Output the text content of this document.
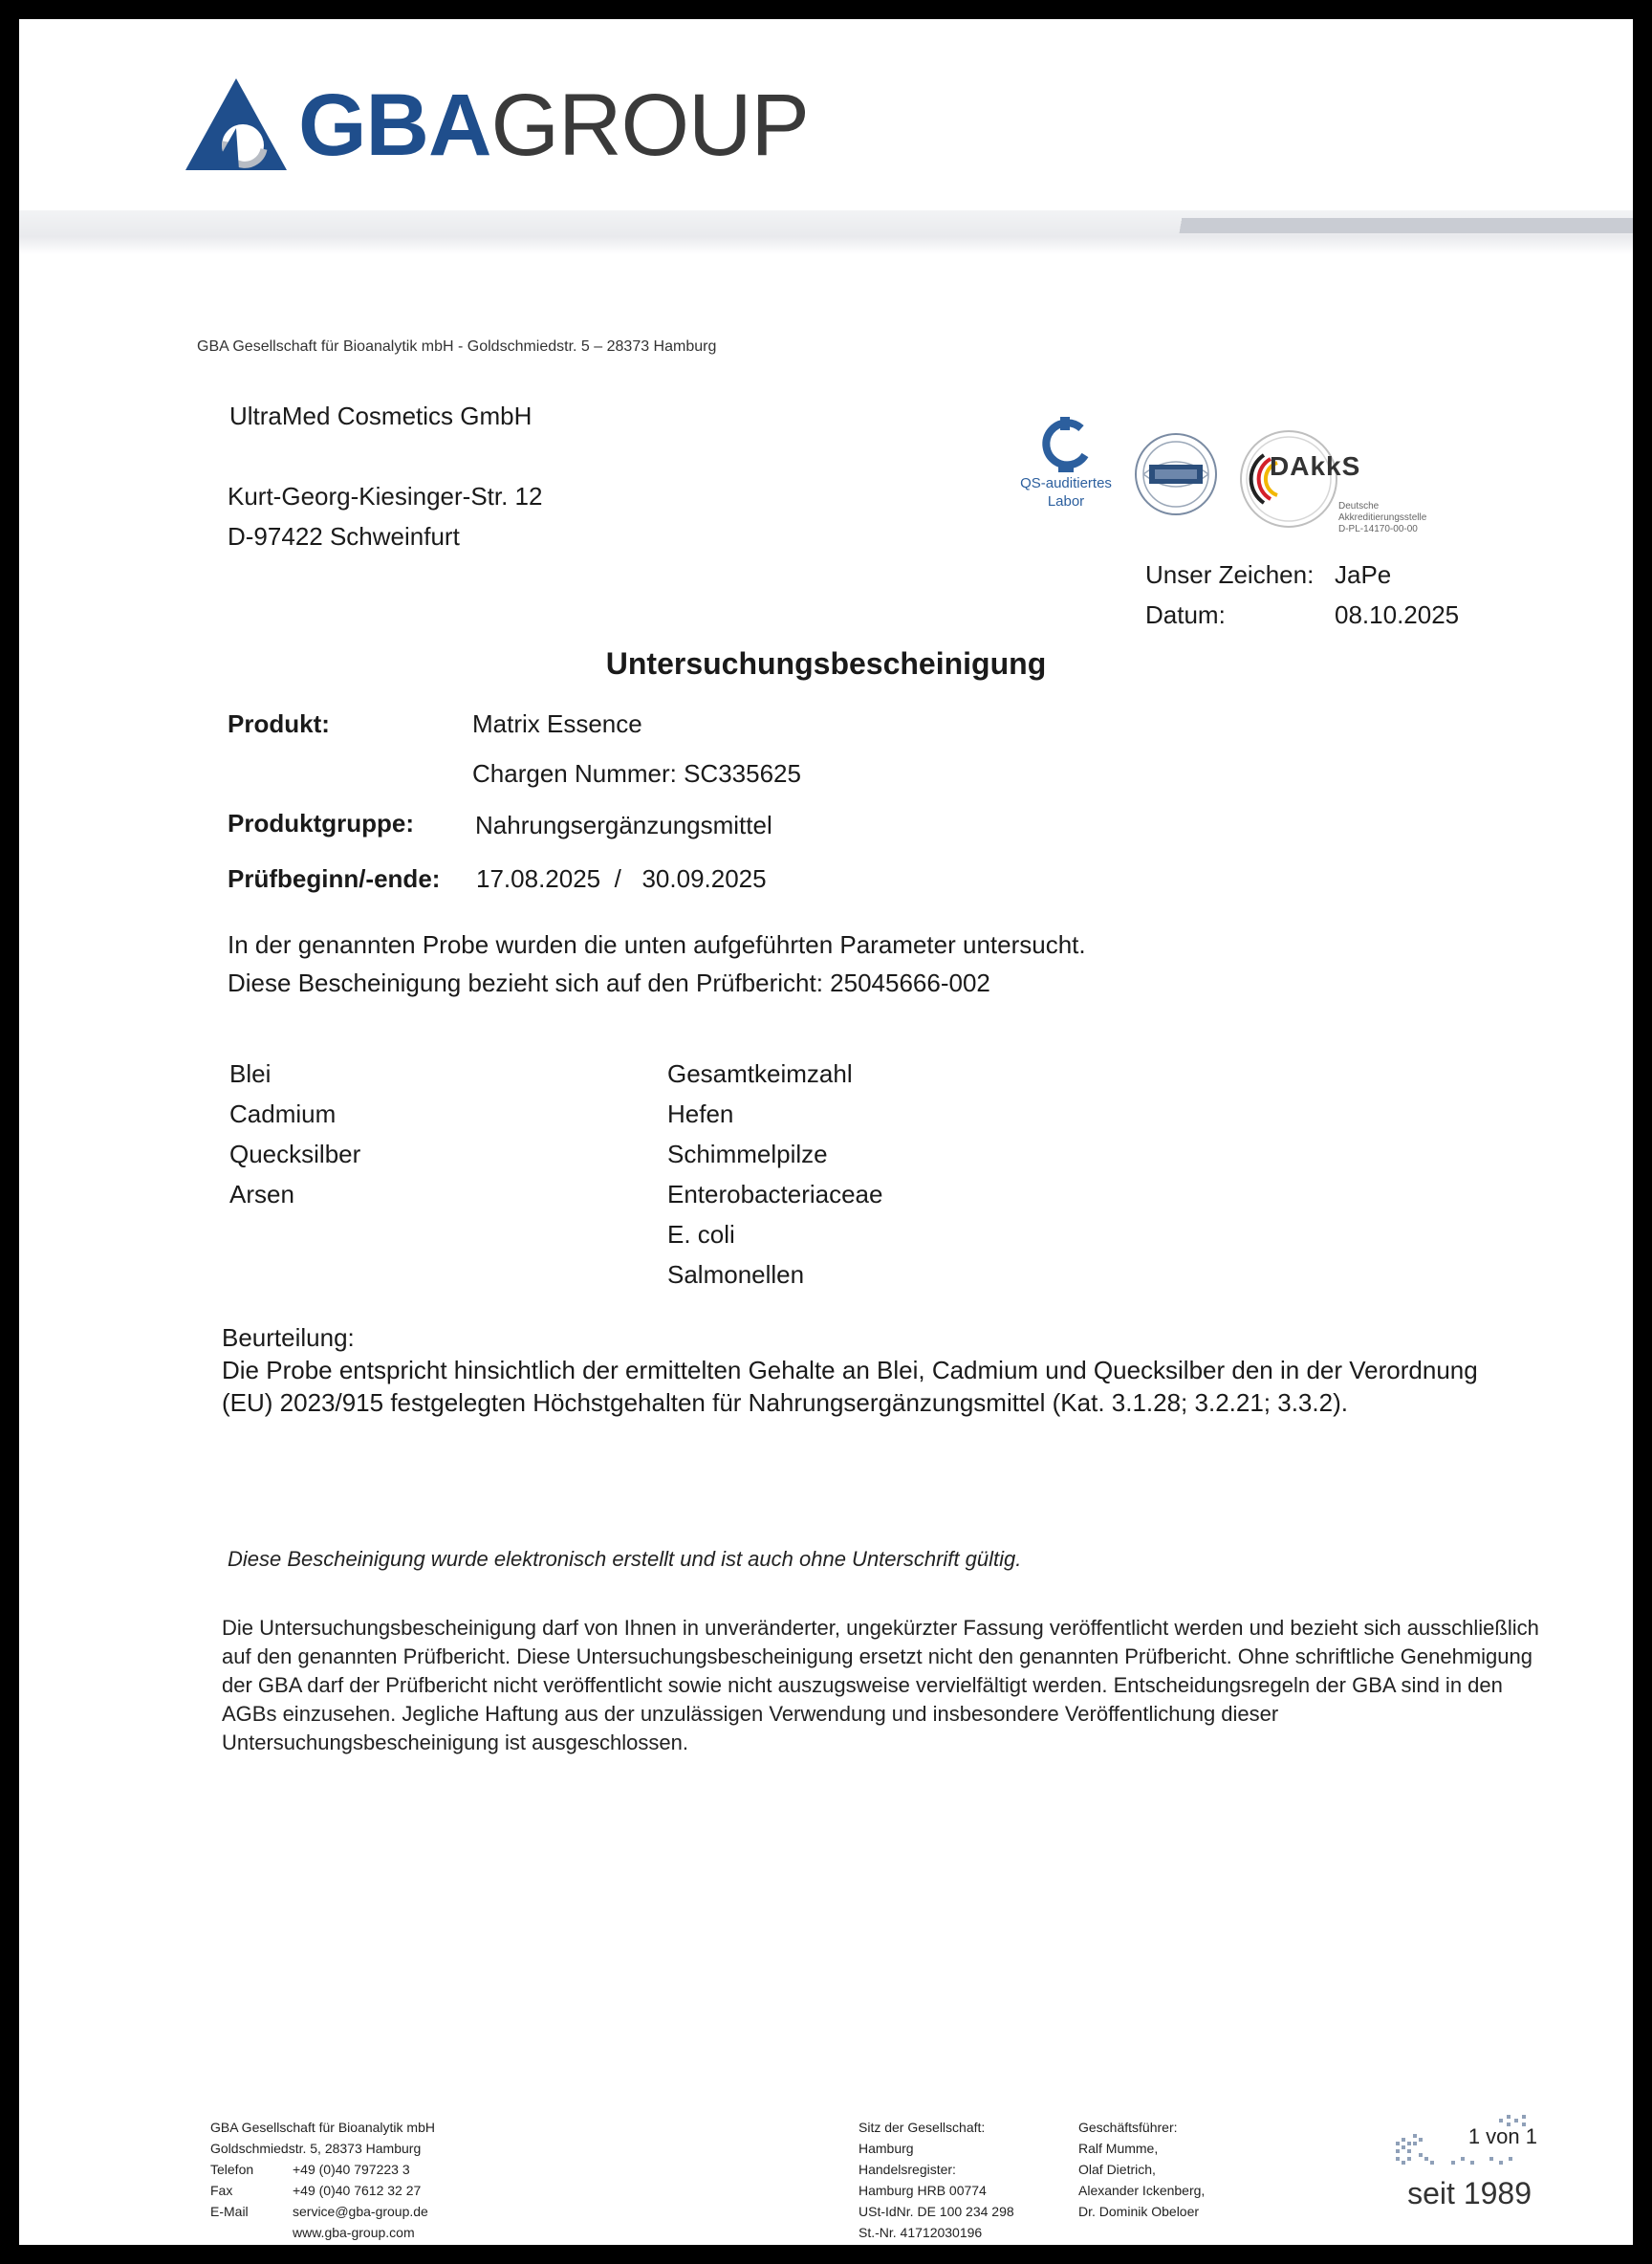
GBAGROUP
GBA Gesellschaft für Bioanalytik mbH - Goldschmiedstr. 5 – 28373 Hamburg
UltraMed Cosmetics GmbH
Kurt-Georg-Kiesinger-Str. 12
D-97422 Schweinfurt
QS-auditiertes
Labor
DAkkS
Deutsche
Akkreditierungsstelle
D-PL-14170-00-00
Unser Zeichen: JaPe
Datum:	08.10.2025
Untersuchungsbescheinigung
Produkt:	Matrix Essence
Chargen Nummer: SC335625
Produktgruppe: Nahrungsergänzungsmittel
Prüfbeginn/-ende: 17.08.2025  /   30.09.2025
In der genannten Probe wurden die unten aufgeführten Parameter untersucht.
Diese Bescheinigung bezieht sich auf den Prüfbericht: 25045666-002
Blei
Cadmium
Quecksilber
Arsen
Gesamtkeimzahl
Hefen
Schimmelpilze
Enterobacteriaceae
E. coli
Salmonellen
Beurteilung:
Die Probe entspricht hinsichtlich der ermittelten Gehalte an Blei, Cadmium und Quecksilber den in der Verordnung (EU) 2023/915 festgelegten Höchstgehalten für Nahrungsergänzungsmittel (Kat. 3.1.28; 3.2.21; 3.3.2).
Diese Bescheinigung wurde elektronisch erstellt und ist auch ohne Unterschrift gültig.
Die Untersuchungsbescheinigung darf von Ihnen in unveränderter, ungekürzter Fassung veröffentlicht werden und bezieht sich ausschließlich auf den genannten Prüfbericht. Diese Untersuchungsbescheinigung ersetzt nicht den genannten Prüfbericht. Ohne schriftliche Genehmigung der GBA darf der Prüfbericht nicht veröffentlicht sowie nicht auszugsweise vervielfältigt werden. Entscheidungsregeln der GBA sind in den AGBs einzusehen. Jegliche Haftung aus der unzulässigen Verwendung und insbesondere Veröffentlichung dieser Untersuchungsbescheinigung ist ausgeschlossen.
GBA Gesellschaft für Bioanalytik mbH
Goldschmiedstr. 5, 28373 Hamburg
Telefon
Fax
E-Mail

+49 (0)40 797223 3
+49 (0)40 7612 32 27
service@gba-group.de
www.gba-group.com
Sitz der Gesellschaft:
Hamburg
Handelsregister:
Hamburg HRB 00774
USt-IdNr. DE 100 234 298
St.-Nr. 41712030196
Geschäftsführer:
Ralf Mumme,
Olaf Dietrich,
Alexander Ickenberg,
Dr. Dominik Obeloer
1 von 1
seit 1989
